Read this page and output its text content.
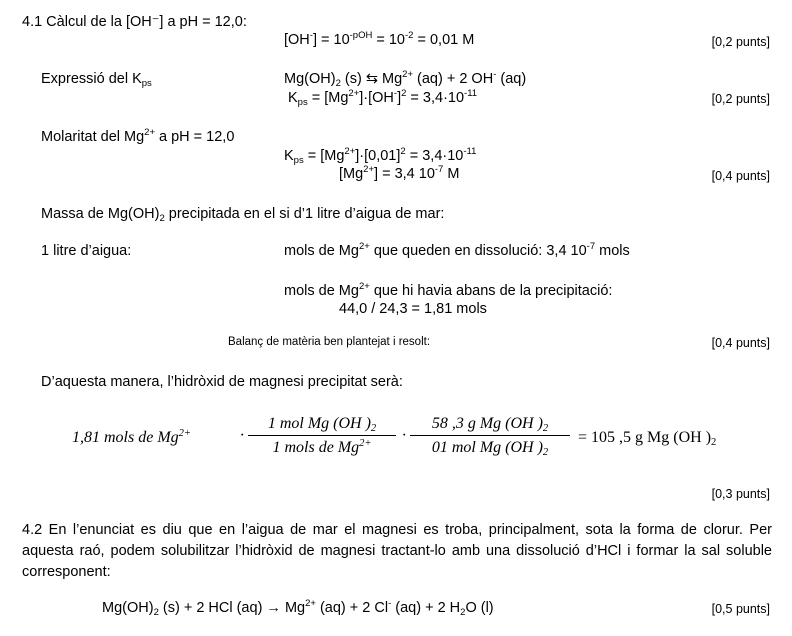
4.1 Càlcul de la [OH⁻] a pH = 12,0:
$[OH^-] = 10^{-pOH} = 10^{-2} = 0,01$ M	[0,2 punts]
Expressió del $K_{ps}$	$Mg(OH)_2$ (s) ⇆ $Mg^{2+}$ (aq) + 2 OH- (aq)
$K_{ps} = [Mg^{2+}]\cdot[OH^-]^2 = 3,4\cdot 10^{-11}$	[0,2 punts]
Molaritat del $Mg^{2+}$ a pH = 12,0
$K_{ps} = [Mg^{2+}]\cdot[0,01]^2 = 3,4\cdot 10^{-11}$
$[Mg^{2+}] = 3,4$ $10^{-7}$ M	[0,4 punts]
Massa de $Mg(OH)_2$ precipitada en el si d’1 litre d’aigua de mar:
1 litre d’aigua:	mols de $Mg^{2+}$ que queden en dissolució: 3,4 $10^{-7}$ mols
mols de $Mg^{2+}$ que hi havia abans de la precipitació:
44,0 / 24,3 = 1,81 mols
Balanç de matèria ben plantejat i resolt:	[0,4 punts]
D’aquesta manera, l’hidròxid de magnesi precipitat serà:
1,81 mols de $Mg^{2+}$	·
1 mol Mg (OH )$_2$
1 mols de $Mg^{2+}$	·
58 ,3 g Mg (OH )$_2$
01 mol Mg (OH )$_2$
= 105 ,5 g Mg (OH )$_2$
[0,3 punts]
4.2 En l’enunciat es diu que en l’aigua de mar el magnesi es troba, principalment, sota la forma de clorur. Per aquesta raó, podem solubilitzar l’hidròxid de magnesi tractant-lo amb una dissolució d’HCl i formar la sal soluble corresponent:
$Mg(OH)_2$ (s) + 2 HCl $(aq) \to Mg^{2+}$ (aq) + 2 Cl- (aq) + 2 $H_2O$ (l)	[0,5 punts]
